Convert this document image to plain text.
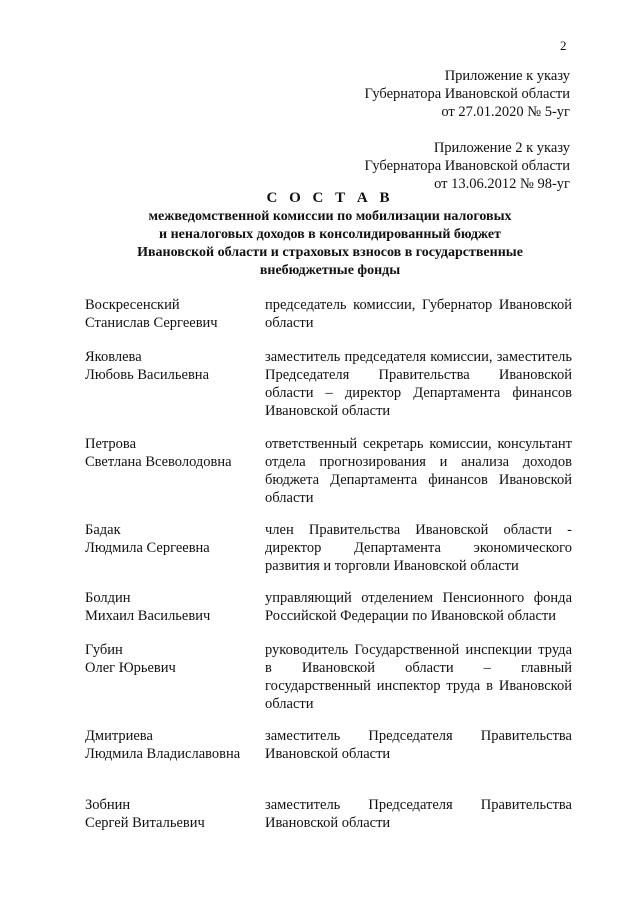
2
Приложение к указу
Губернатора Ивановской области
от 27.01.2020 № 5-уг
Приложение 2 к указу
Губернатора Ивановской области
от 13.06.2012 № 98-уг
С О С Т А В
межведомственной комиссии по мобилизации налоговых
и неналоговых доходов в консолидированный бюджет
Ивановской области и страховых взносов в государственные
внебюджетные фонды
Воскресенский
Станислав Сергеевич
председатель комиссии, Губернатор Ивановской области
Яковлева
Любовь Васильевна
заместитель председателя комиссии, заместитель Председателя Правительства Ивановской области – директор Департамента финансов Ивановской области
Петрова
Светлана Всеволодовна
ответственный секретарь комиссии, консультант отдела прогнозирования и анализа доходов бюджета Департамента финансов Ивановской области
Бадак
Людмила Сергеевна
член Правительства Ивановской области - директор Департамента экономического развития и торговли Ивановской области
Болдин
Михаил Васильевич
управляющий отделением Пенсионного фонда Российской Федерации по Ивановской области
Губин
Олег Юрьевич
руководитель Государственной инспекции труда в Ивановской области – главный государственный инспектор труда в Ивановской области
Дмитриева
Людмила Владиславовна
заместитель Председателя Правительства Ивановской области
Зобнин
Сергей Витальевич
заместитель Председателя Правительства Ивановской области
